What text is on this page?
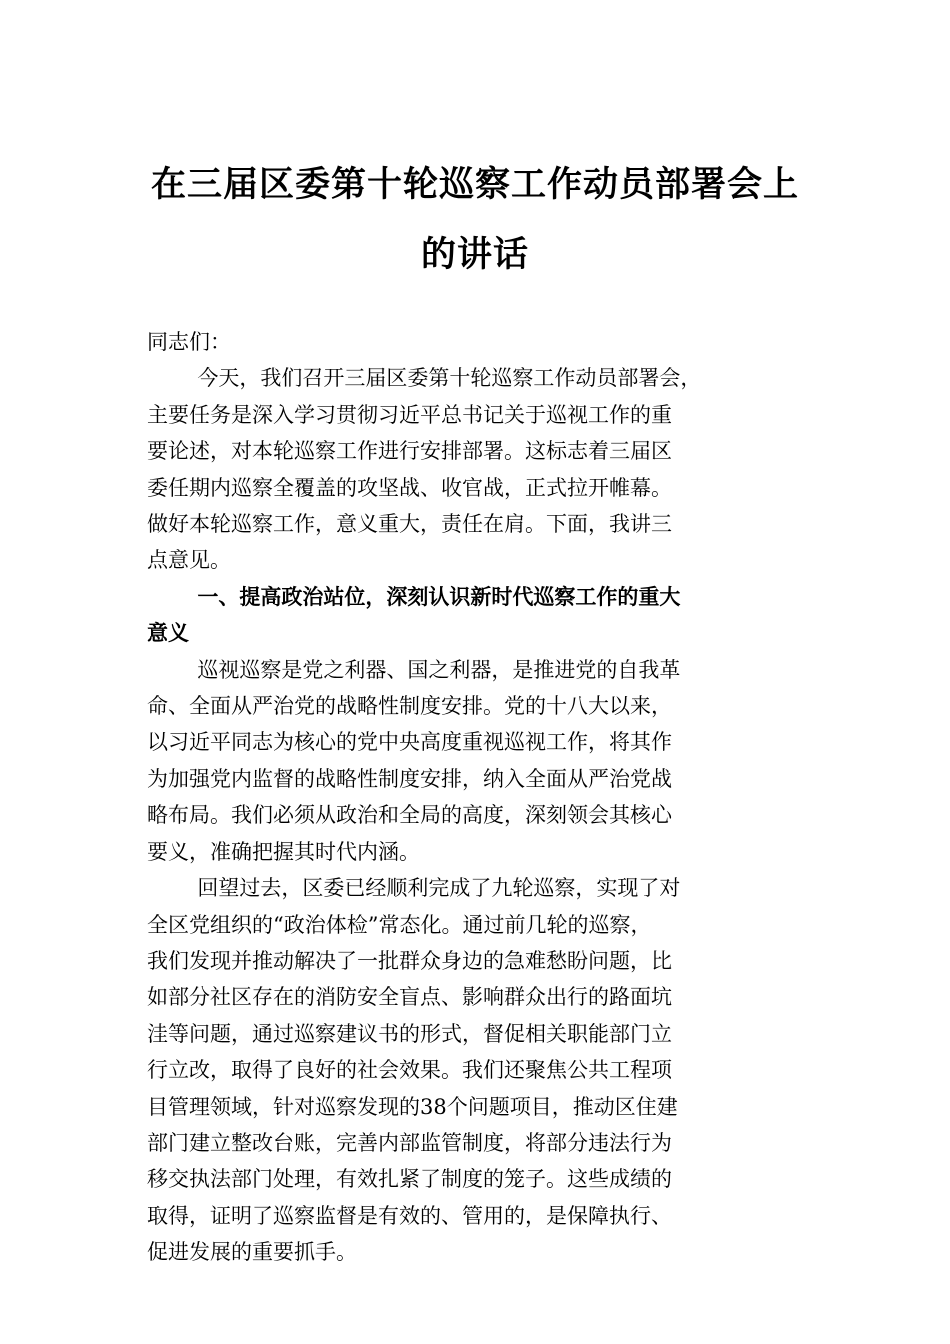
在三届区委第十轮巡察工作动员部署会上
的讲话

同志们：

今天，我们召开三届区委第十轮巡察工作动员部署会，
主要任务是深入学习贯彻习近平总书记关于巡视工作的重
要论述，对本轮巡察工作进行安排部署。这标志着三届区
委任期内巡察全覆盖的攻坚战、收官战，正式拉开帷幕。
做好本轮巡察工作，意义重大，责任在肩。下面，我讲三
点意见。

一、提高政治站位，深刻认识新时代巡察工作的重大
意义

巡视巡察是党之利器、国之利器，是推进党的自我革
命、全面从严治党的战略性制度安排。党的十八大以来，
以习近平同志为核心的党中央高度重视巡视工作，将其作
为加强党内监督的战略性制度安排，纳入全面从严治党战
略布局。我们必须从政治和全局的高度，深刻领会其核心
要义，准确把握其时代内涵。

回望过去，区委已经顺利完成了九轮巡察，实现了对
全区党组织的“政治体检”常态化。通过前几轮的巡察，
我们发现并推动解决了一批群众身边的急难愁盼问题，比
如部分社区存在的消防安全盲点、影响群众出行的路面坑
洼等问题，通过巡察建议书的形式，督促相关职能部门立
行立改，取得了良好的社会效果。我们还聚焦公共工程项
目管理领域，针对巡察发现的38个问题项目，推动区住建
部门建立整改台账，完善内部监管制度，将部分违法行为
移交执法部门处理，有效扎紧了制度的笼子。这些成绩的
取得，证明了巡察监督是有效的、管用的，是保障执行、
促进发展的重要抓手。
